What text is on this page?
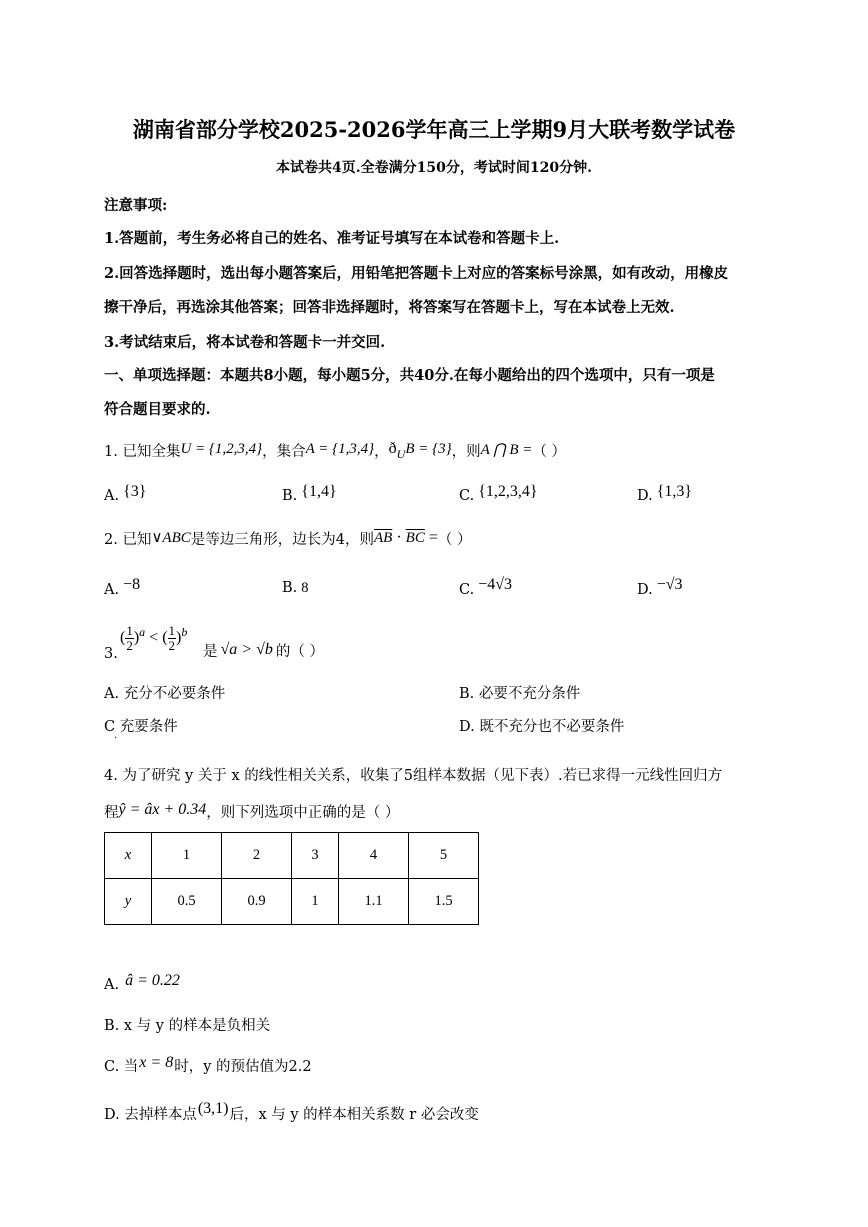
湖南省部分学校2025-2026学年高三上学期9月大联考数学试卷
本试卷共4页.全卷满分150分，考试时间120分钟.
注意事项:
1.答题前，考生务必将自己的姓名、准考证号填写在本试卷和答题卡上.
2.回答选择题时，选出每小题答案后，用铅笔把答题卡上对应的答案标号涂黑，如有改动，用橡皮
擦干净后，再选涂其他答案；回答非选择题时，将答案写在答题卡上，写在本试卷上无效.
3.考试结束后，将本试卷和答题卡一并交回.
一、单项选择题：本题共8小题，每小题5分，共40分.在每小题给出的四个选项中，只有一项是
符合题目要求的.
1. 已知全集U = {1,2,3,4}，集合A = {1,3,4}，ðUB = {3}，则A ⋂ B =（ ）
A. {3}	B. {1,4}	C. {1,2,3,4}	D. {1,3}
2. 已知∨ABC是等边三角形，边长为4，则$\overline{AB} \cdot \overline{BC}$ =（ ）
A. −8	B. 8	C. −4√3	D. −√3
3.
( $\frac{1}{2} )^a$ < ( $\frac{1}{2} )^b$
是 √a > √b 的（ ）
A. 充分不必要条件	B. 必要不充分条件
C 充要条件
.
D. 既不充分也不必要条件
4. 为了研究 y 关于 x 的线性相关关系，收集了5组样本数据（见下表）.若已求得一元线性回归方
程ŷ = âx + 0.34，则下列选项中正确的是（ ）
x	1	2	3	4	5
y	0.5	0.9	1	1.1	1.5
A. â = 0.22
B. x 与 y 的样本是负相关
C. 当x = 8时，y 的预估值为2.2
D. 去掉样本点(3,1)后，x 与 y 的样本相关系数 r 必会改变
